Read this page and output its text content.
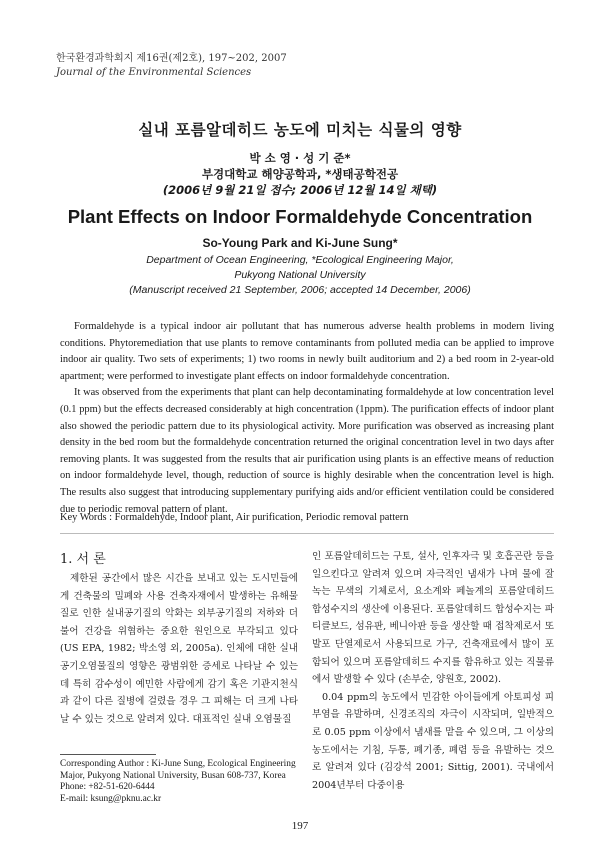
한국환경과학회지 제16권(제2호), 197~202, 2007
Journal of the Environmental Sciences
실내 포름알데히드 농도에 미치는 식물의 영향
박 소 영 · 성 기 준*
부경대학교 해양공학과, *생태공학전공
(2006년 9월 21일 접수; 2006년 12월 14일 채택)
Plant Effects on Indoor Formaldehyde Concentration
So-Young Park and Ki-June Sung*
Department of Ocean Engineering, *Ecological Engineering Major,
Pukyong National University
(Manuscript received 21 September, 2006; accepted 14 December, 2006)

Formaldehyde is a typical indoor air pollutant that has numerous adverse health problems in modern living conditions. Phytoremediation that use plants to remove contaminants from polluted media can be applied to improve indoor air quality. Two sets of experiments; 1) two rooms in newly built auditorium and 2) a bed room in 2-year-old apartment; were performed to investigate plant effects on indoor formaldehyde concentration.

It was observed from the experiments that plant can help decontaminating formaldehyde at low concentration level (0.1 ppm) but the effects decreased considerably at high concentration (1ppm). The purification effects of indoor plant also showed the periodic pattern due to its physiological activity. More purification was observed as increasing plant density in the bed room but the formaldehyde concentration returned the original concentration level in two days after removing plants. It was suggested from the results that air purification using plants is an effective means of reduction on indoor formaldehyde level, though, reduction of source is highly desirable when the concentration level is high. The results also suggest that introducing supplementary purifying aids and/or efficient ventilation could be considered due to periodic removal pattern of plant.

Key Words : Formaldehyde, Indoor plant, Air purification, Periodic removal pattern
1. 서 론

제한된 공간에서 많은 시간을 보내고 있는 도시민들에게 건축물의 밀폐와 사용 건축자재에서 발생하는 유해물질로 인한 실내공기질의 악화는 외부공기질의 저하와 더불어 건강을 위협하는 중요한 원인으로 부각되고 있다 (US EPA, 1982; 박소영 외, 2005a). 인체에 대한 실내공기오염물질의 영향은 광범위한 증세로 나타날 수 있는데 특히 감수성이 예민한 사람에게 감기 혹은 기관지천식과 같이 다른 질병에 걸렸을 경우 그 피해는 더 크게 나타날 수 있는 것으로 알려져 있다. 대표적인 실내 오염물질

인 포름알데히드는 구토, 설사, 인후자극 및 호흡곤란 등을 일으킨다고 알려져 있으며 자극적인 냄새가 나며 물에 잘 녹는 무색의 기체로서, 요소계와 페놀계의 포름알데히드 합성수지의 생산에 이용된다. 포름알데히드 합성수지는 파티클보드, 섬유판, 베니아판 등을 생산할 때 접착제로서 또 발포 단열제로서 사용되므로 가구, 건축재료에서 많이 포함되어 있으며 포름알데히드 수지를 함유하고 있는 직물류에서 발생할 수 있다 (손부순, 양원호, 2002).

0.04 ppm의 농도에서 민감한 아이들에게 아토피성 피부염을 유발하며, 신경조직의 자극이 시작되며, 일반적으로 0.05 ppm 이상에서 냄새를 맡을 수 있으며, 그 이상의 농도에서는 기침, 두통, 폐기종, 폐렴 등을 유발하는 것으로 알려져 있다 (김강석 2001; Sittig, 2001). 국내에서 2004년부터 다중이용

Corresponding Author : Ki-June Sung, Ecological Engineering Major, Pukyong National University, Busan 608-737, Korea
Phone: +82-51-620-6444
E-mail: ksung@pknu.ac.kr
197
